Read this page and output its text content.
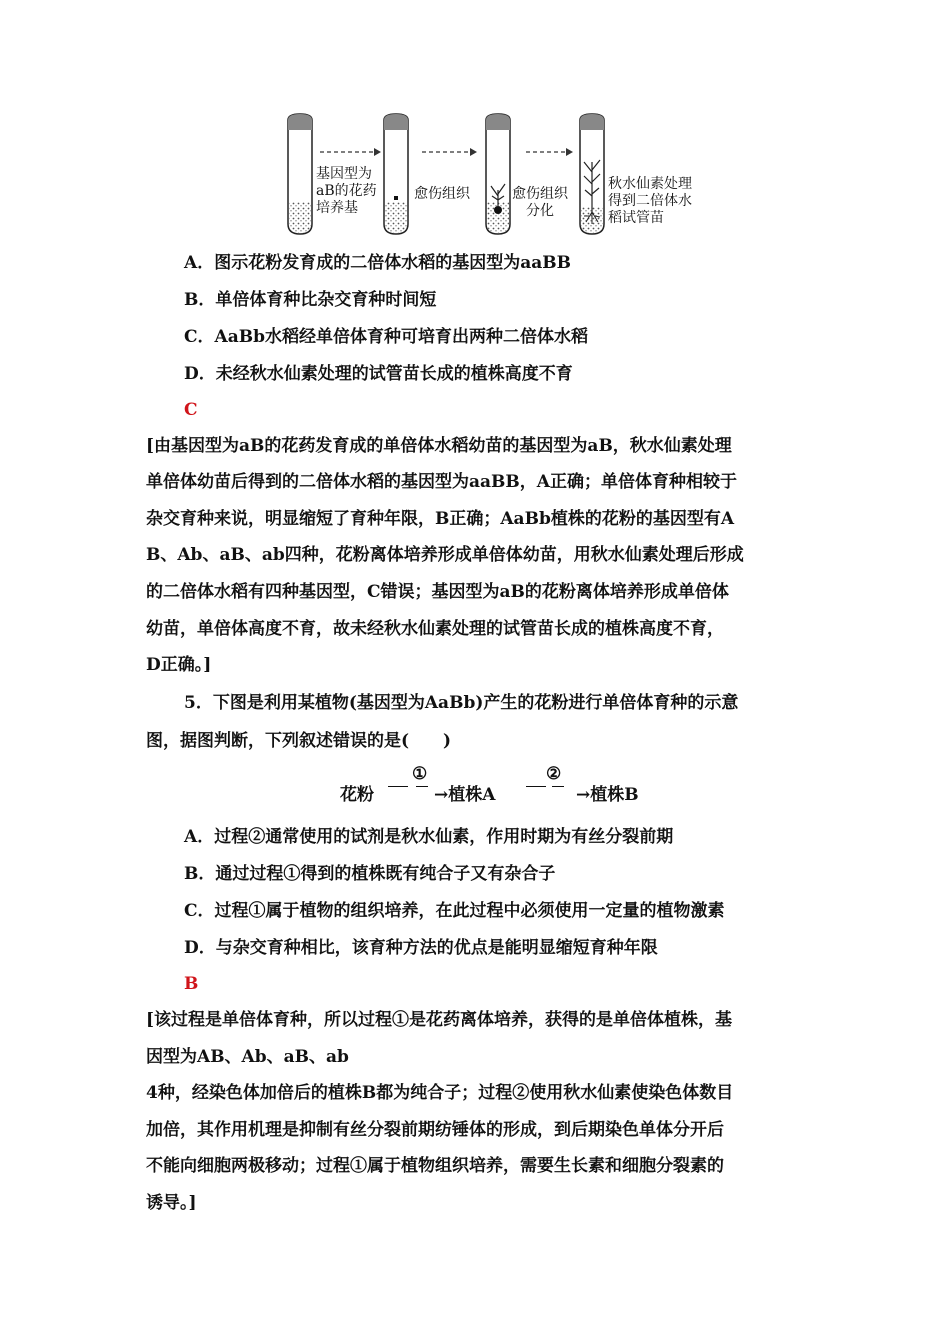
基因型为
aB的花药
培养基
愈伤组织	愈伤组织
分化
秋水仙素处理
得到二倍体水
稻试管苗
A．图示花粉发育成的二倍体水稻的基因型为aaBB
B．单倍体育种比杂交育种时间短
C．AaBb水稻经单倍体育种可培育出两种二倍体水稻
D．未经秋水仙素处理的试管苗长成的植株高度不育
C
[由基因型为aB的花药发育成的单倍体水稻幼苗的基因型为aB，秋水仙素处理
单倍体幼苗后得到的二倍体水稻的基因型为aaBB，A正确；单倍体育种相较于
杂交育种来说，明显缩短了育种年限，B正确；AaBb植株的花粉的基因型有A
B、Ab、aB、ab四种，花粉离体培养形成单倍体幼苗，用秋水仙素处理后形成
的二倍体水稻有四种基因型，C错误；基因型为aB的花粉离体培养形成单倍体
幼苗，单倍体高度不育，故未经秋水仙素处理的试管苗长成的植株高度不育，
D正确。]
5．下图是利用某植物(基因型为AaBb)产生的花粉进行单倍体育种的示意
图，据图判断，下列叙述错误的是(　　)
花粉
①
→植株A
②
→植株B
A．过程②通常使用的试剂是秋水仙素，作用时期为有丝分裂前期
B．通过过程①得到的植株既有纯合子又有杂合子
C．过程①属于植物的组织培养，在此过程中必须使用一定量的植物激素
D．与杂交育种相比，该育种方法的优点是能明显缩短育种年限
B
[该过程是单倍体育种，所以过程①是花药离体培养，获得的是单倍体植株，基
因型为AB、Ab、aB、ab
4种，经染色体加倍后的植株B都为纯合子；过程②使用秋水仙素使染色体数目
加倍，其作用机理是抑制有丝分裂前期纺锤体的形成，到后期染色单体分开后
不能向细胞两极移动；过程①属于植物组织培养，需要生长素和细胞分裂素的
诱导。]
